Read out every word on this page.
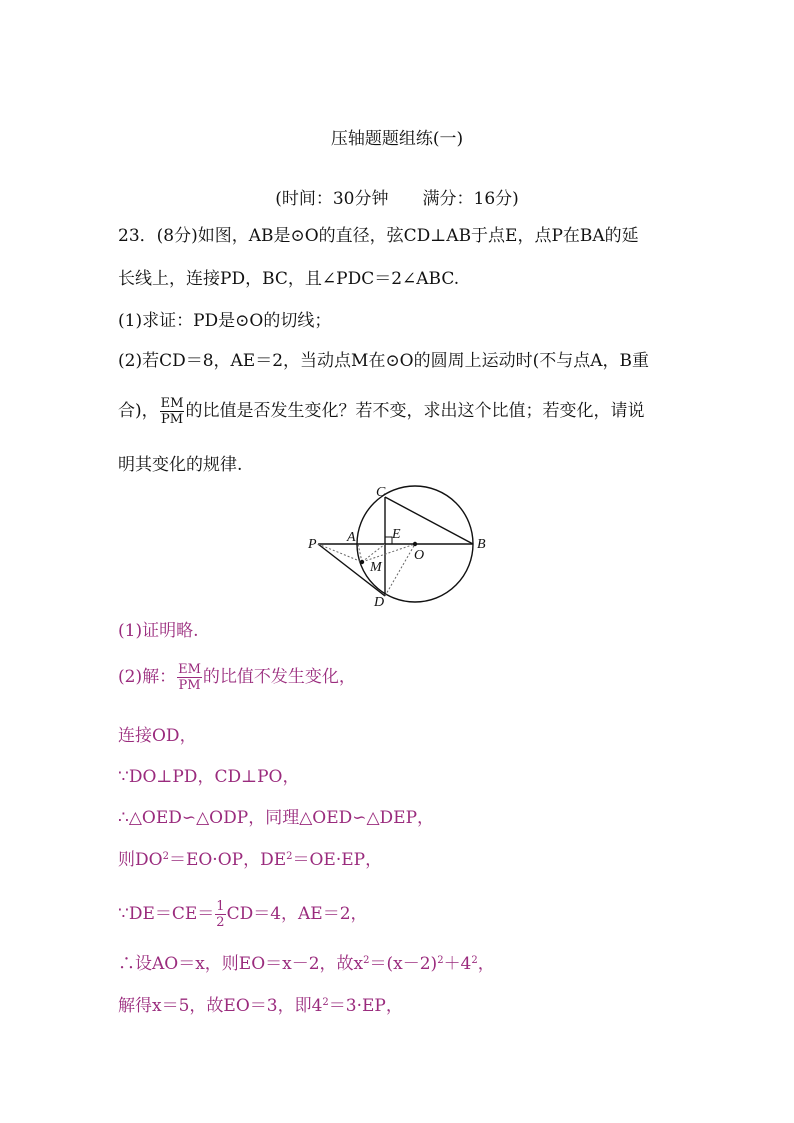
压轴题题组练(一)
(时间：30分钟　　满分：16分)
23．(8分)如图，AB是⊙O的直径，弦CD⊥AB于点E，点P在BA的延
长线上，连接PD，BC，且∠PDC＝2∠ABC.
(1)求证：PD是⊙O的切线；
(2)若CD＝8，AE＝2，当动点M在⊙O的圆周上运动时(不与点A，B重
合)， $\frac{EM}{PM}$ 的比值是否发生变化？若不变，求出这个比值；若变化，请说
明其变化的规律.
C
E
P A
O
B
M
D
(1)证明略.
(2)解： $\frac{EM}{PM}$ 的比值不发生变化，
连接OD，
∵DO⊥PD，CD⊥PO，
∴△OED∽△ODP，同理△OED∽△DEP，
则$DO^2=EO\cdot OP$，$DE^2=OE\cdot EP$，
∵DE＝CE＝ $\frac{1}{2} CD=4$，AE＝2，
∴设AO＝x，则EO＝x－2，故$x^2=(x-2)^2+4^2$，
解得x＝5，故EO＝3，即$4^2=3\cdot EP$，
